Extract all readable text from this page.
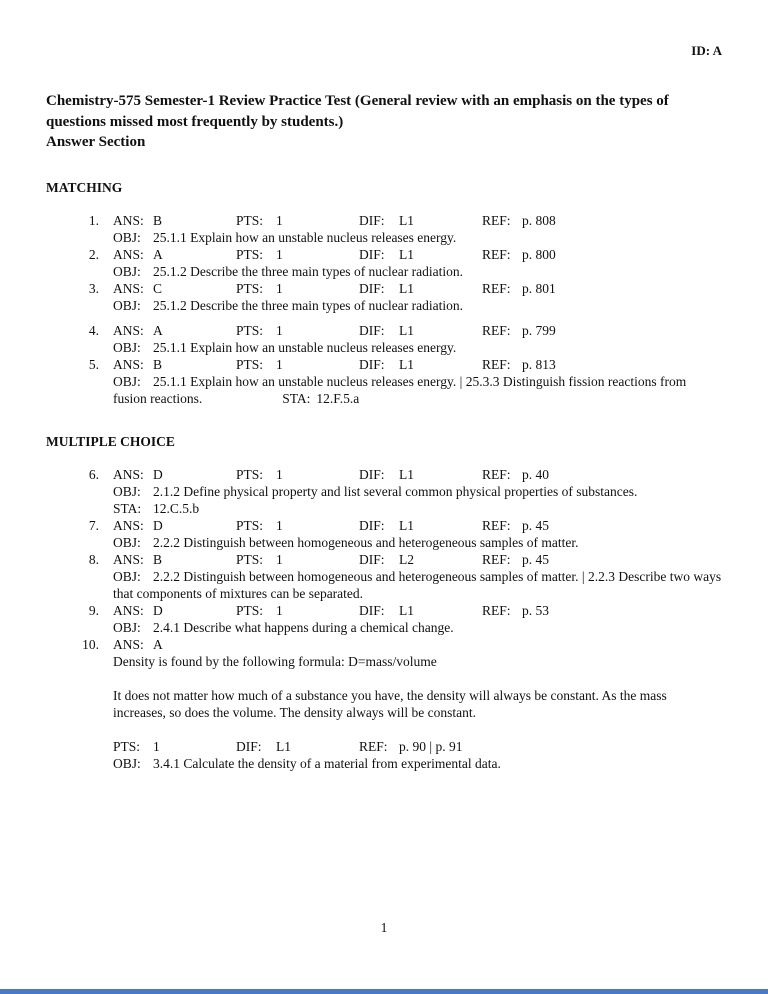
ID: A
Chemistry-575 Semester-1 Review Practice Test (General review with an emphasis on the types of questions missed most frequently by students.)
Answer Section
MATCHING
1.	ANS: B	PTS: 1	DIF: L1	REF: p. 808
OBJ: 25.1.1 Explain how an unstable nucleus releases energy.
2.	ANS: A	PTS: 1	DIF: L1	REF: p. 800
OBJ: 25.1.2 Describe the three main types of nuclear radiation.
3.	ANS: C	PTS: 1	DIF: L1	REF: p. 801
OBJ: 25.1.2 Describe the three main types of nuclear radiation.
4.	ANS: A	PTS: 1	DIF: L1	REF: p. 799
OBJ: 25.1.1 Explain how an unstable nucleus releases energy.
5.	ANS: B	PTS: 1	DIF: L1	REF: p. 813
OBJ: 25.1.1 Explain how an unstable nucleus releases energy. | 25.3.3 Distinguish fission reactions from fusion reactions.	STA: 12.F.5.a
MULTIPLE CHOICE
6.	ANS: D	PTS: 1	DIF: L1	REF: p. 40
OBJ: 2.1.2 Define physical property and list several common physical properties of substances.
STA: 12.C.5.b
7.	ANS: D	PTS: 1	DIF: L1	REF: p. 45
OBJ: 2.2.2 Distinguish between homogeneous and heterogeneous samples of matter.
8.	ANS: B	PTS: 1	DIF: L2	REF: p. 45
OBJ: 2.2.2 Distinguish between homogeneous and heterogeneous samples of matter. | 2.2.3 Describe two ways that components of mixtures can be separated.
9.	ANS: D	PTS: 1	DIF: L1	REF: p. 53
OBJ: 2.4.1 Describe what happens during a chemical change.
10.	ANS: A
Density is found by the following formula: D=mass/volume
It does not matter how much of a substance you have, the density will always be constant. As the mass increases, so does the volume. The density always will be constant.
PTS: 1	DIF: L1	REF: p. 90 | p. 91
OBJ: 3.4.1 Calculate the density of a material from experimental data.
1
